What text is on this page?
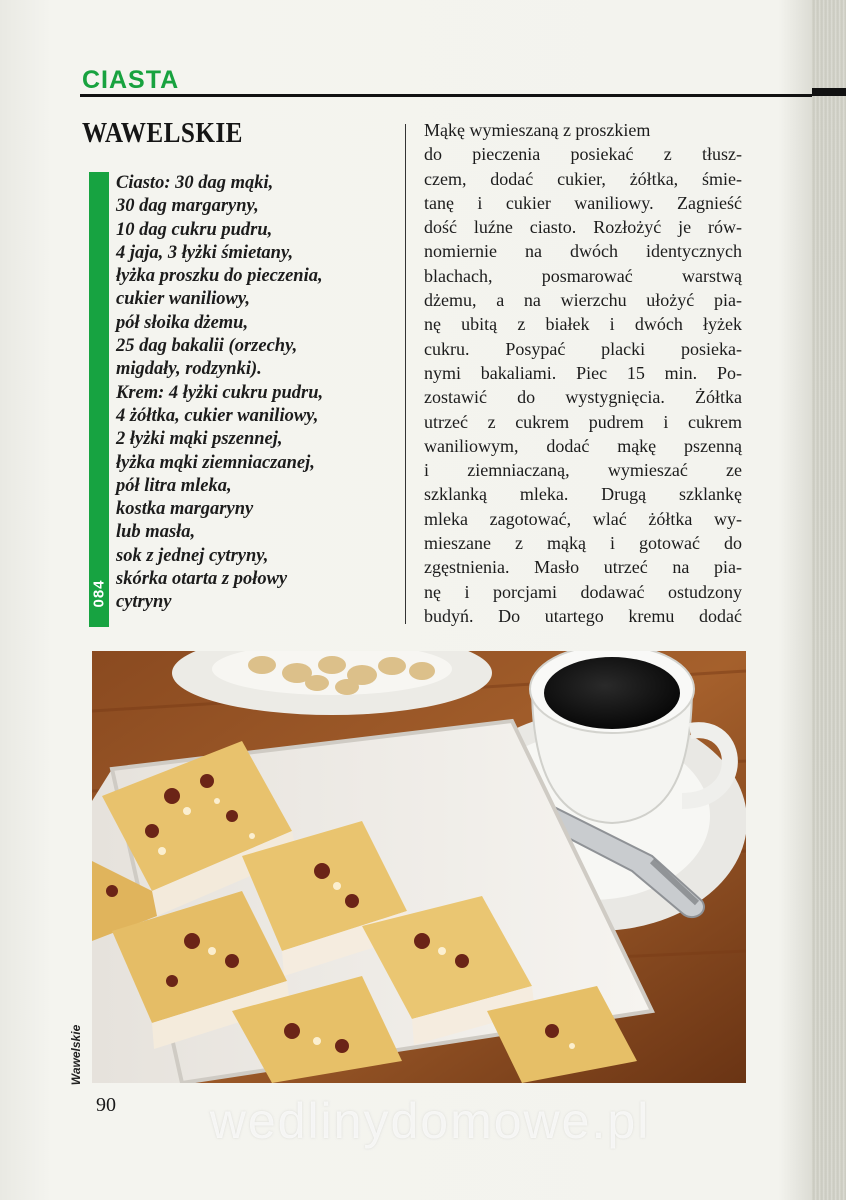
CIASTA
WAWELSKIE
084
Ciasto: 30 dag mąki,
30 dag margaryny,
10 dag cukru pudru,
4 jaja, 3 łyżki śmietany,
łyżka proszku do pieczenia,
cukier waniliowy,
pół słoika dżemu,
25 dag bakalii (orzechy,
migdały, rodzynki).
Krem: 4 łyżki cukru pudru,
4 żółtka, cukier waniliowy,
2 łyżki mąki pszennej,
łyżka mąki ziemniaczanej,
pół litra mleka,
kostka margaryny
lub masła,
sok z jednej cytryny,
skórka otarta z połowy
cytryny
Mąkę wymieszaną z proszkiem
do pieczenia posiekać z tłusz-
czem, dodać cukier, żółtka, śmie-
tanę i cukier waniliowy. Zagnieść
dość luźne ciasto. Rozłożyć je rów-
nomiernie na dwóch identycznych
blachach, posmarować warstwą
dżemu, a na wierzchu ułożyć pia-
nę ubitą z białek i dwóch łyżek
cukru. Posypać placki posieka-
nymi bakaliami. Piec 15 min. Po-
zostawić do wystygnięcia. Żółtka
utrzeć z cukrem pudrem i cukrem
waniliowym, dodać mąkę pszenną
i ziemniaczaną, wymieszać ze
szklanką mleka. Drugą szklankę
mleka zagotować, wlać żółtka wy-
mieszane z mąką i gotować do
zgęstnienia. Masło utrzeć na pia-
nę i porcjami dodawać ostudzony
budyń. Do utartego kremu dodać
Wawelskie

90	wedlinydomowe.pl
